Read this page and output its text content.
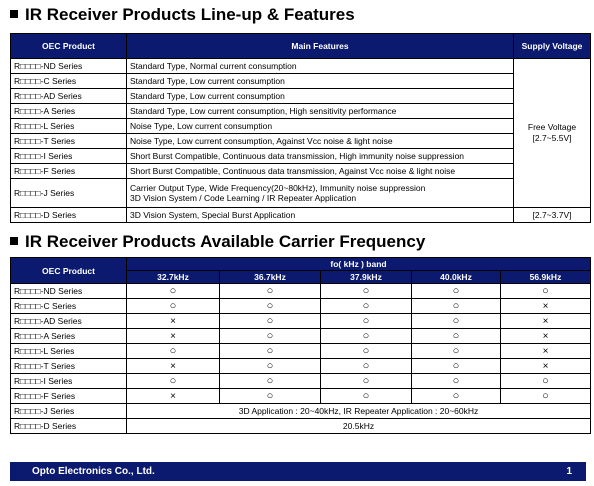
IR Receiver Products Line-up & Features
OEC Product	Main Features	Supply Voltage
R□□□□-ND Series	Standard Type, Normal current consumption	Free Voltage
[2.7~5.5V]
R□□□□-C Series	Standard Type, Low current consumption	
R□□□□-AD Series	Standard Type, Low current consumption	
R□□□□-A Series	Standard Type, Low current consumption, High sensitivity performance	
R□□□□-L Series	Noise Type, Low current consumption	
R□□□□-T Series	Noise Type, Low current consumption, Against Vcc noise & light noise	
R□□□□-I Series	Short Burst Compatible, Continuous data transmission, High immunity noise suppression	
R□□□□-F Series	Short Burst Compatible, Continuous data transmission, Against Vcc noise & light noise	
R□□□□-J Series	Carrier Output Type, Wide Frequency(20~80kHz), Immunity noise suppression
3D Vision System / Code Learning / IR Repeater Application	
R□□□□-D Series	3D Vision System, Special Burst Application	[2.7~3.7V]
IR Receiver Products Available Carrier Frequency
OEC Product	fo( kHz ) band				
	32.7kHz	36.7kHz	37.9kHz	40.0kHz	56.9kHz
R□□□□-ND Series	○	○	○	○	○
R□□□□-C Series	○	○	○	○	×
R□□□□-AD Series	×	○	○	○	×
R□□□□-A Series	×	○	○	○	×
R□□□□-L Series	○	○	○	○	×
R□□□□-T Series	×	○	○	○	×
R□□□□-I Series	○	○	○	○	○
R□□□□-F Series	×	○	○	○	○
R□□□□-J Series	3D Application : 20~40kHz, IR Repeater Application : 20~60kHz				
R□□□□-D Series	20.5kHz				
Opto Electronics Co., Ltd.	1
